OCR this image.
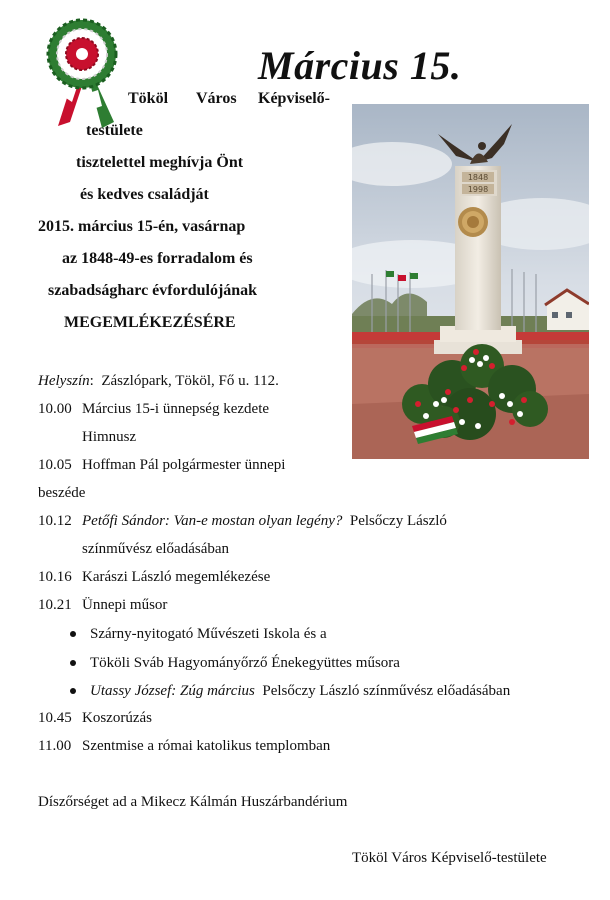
Március 15.
Tököl Város Képviselő-
testülete
tisztelettel meghívja Önt
és kedves családját
2015. március 15-én, vasárnap
az 1848-49-es forradalom és
szabadságharc évfordulójának
MEGEMLÉKEZÉSÉRE
1848
1998
Helyszín: Zászlópark, Tököl, Fő u. 112.
10.00 Március 15-i ünnepség kezdete
Himnusz
10.05 Hoffman Pál polgármester ünnepi
beszéde
10.12 Petőfi Sándor: Van-e mostan olyan legény? Pelsőczy László
színművész előadásában
10.16 Karászi László megemlékezése
10.21 Ünnepi műsor
Szárny-nyitogató Művészeti Iskola és a
Tököli Sváb Hagyományőrző Énekegyüttes műsora
Utassy József: Zúg március Pelsőczy László színművész előadásában
10.45 Koszorúzás
11.00 Szentmise a római katolikus templomban
Díszőrséget ad a Mikecz Kálmán Huszárbandérium
Tököl Város Képviselő-testülete
